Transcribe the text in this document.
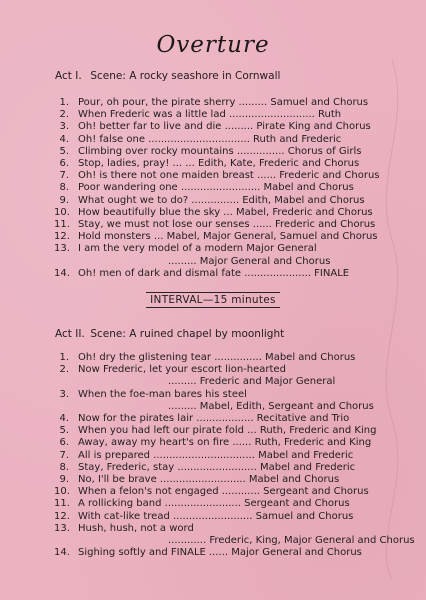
Overture
Act I. Scene: A rocky seashore in Cornwall
1. Pour, oh pour, the pirate sherry ......... Samuel and Chorus
2. When Frederic was a little lad ........................... Ruth
3. Oh! better far to live and die ......... Pirate King and Chorus
4. Oh! false one ................................ Ruth and Frederic
5. Climbing over rocky mountains ............... Chorus of Girls
6. Stop, ladies, pray! ... ... Edith, Kate, Frederic and Chorus
7. Oh! is there not one maiden breast ...... Frederic and Chorus
8. Poor wandering one ......................... Mabel and Chorus
9. What ought we to do? ............... Edith, Mabel and Chorus
10. How beautifully blue the sky ... Mabel, Frederic and Chorus
11. Stay, we must not lose our senses ...... Frederic and Chorus
12. Hold monsters ... Mabel, Major General, Samuel and Chorus
13. I am the very model of a modern Major General
......... Major General and Chorus
14. Oh! men of dark and dismal fate ..................... FINALE
INTERVAL—15 minutes
Act II. Scene: A ruined chapel by moonlight
1. Oh! dry the glistening tear ............... Mabel and Chorus
2. Now Frederic, let your escort lion-hearted
......... Frederic and Major General
3. When the foe-man bares his steel
......... Mabel, Edith, Sergeant and Chorus
4. Now for the pirates lair .................. Recitative and Trio
5. When you had left our pirate fold ... Ruth, Frederic and King
6. Away, away my heart's on fire ...... Ruth, Frederic and King
7. All is prepared ................................ Mabel and Frederic
8. Stay, Frederic, stay ......................... Mabel and Frederic
9. No, I'll be brave ........................... Mabel and Chorus
10. When a felon's not engaged ............ Sergeant and Chorus
11. A rollicking band ........................ Sergeant and Chorus
12. With cat-like tread ......................... Samuel and Chorus
13. Hush, hush, not a word
............ Frederic, King, Major General and Chorus
14. Sighing softly and FINALE ...... Major General and Chorus
